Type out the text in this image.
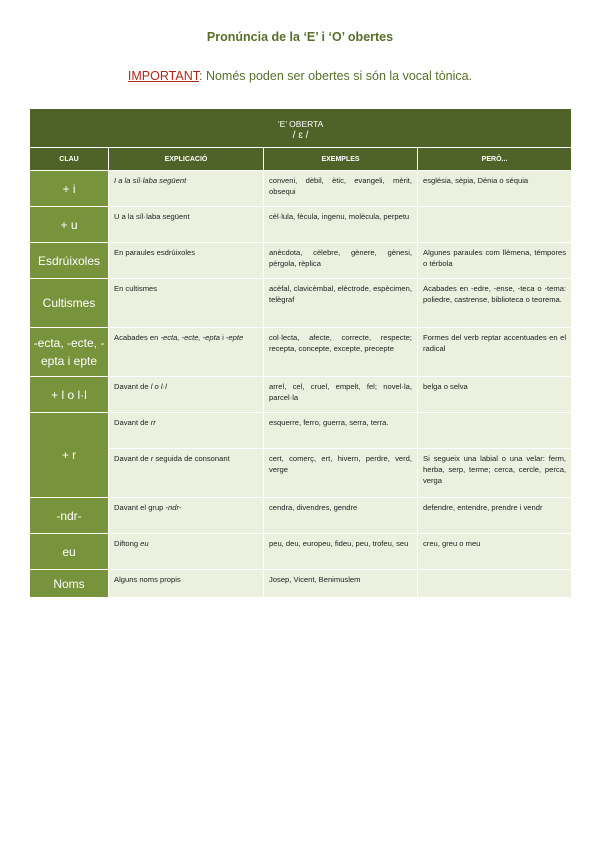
Pronúncia de la ‘E’ i ‘O’ obertes
IMPORTANT: Només poden ser obertes si són la vocal tònica.
‘E’ OBERTA
/ ɛ /			

CLAU	EXPLICACIÓ	EXEMPLES	PERÒ...
+ i	I a la síl·laba següent	conveni, dèbil, ètic, evangeli, mèrit, obsequi	església, sèpia, Dénia o séquia
+ u	U a la síl·laba següent	cèl·lula, fècula, ingenu, molècula, perpetu	
Esdrúixoles	En paraules esdrúixoles	anècdota, cèlebre, gènere, gènesi, pèrgola, rèplica	Algunes paraules com llémena, témpores o térbola
Cultismes	En cultismes	acèfal, clavicèmbal, elèctrode, espècimen, telègraf	Acabades en -edre, -ense, -teca o -tema: poliedre, castrense, biblioteca o teorema.
-ecta, -ecte, -epta i epte	Acabades en -ecta, -ecte, -epta i -epte	col·lecta, afecte, correcte, respecte; recepta, concepte, excepte, precepte	Formes del verb reptar accentuades en el radical
+ l o l·l	Davant de l o l·l	arrel, cel, cruel, empelt, fel; novel·la, parcel·la	belga o selva
+ r	Davant de rr	esquerre, ferro, guerra, serra, terra.	
	Davant de r seguida de consonant	cert, comerç, ert, hivern, perdre, verd, verge	Si segueix una labial o una velar: ferm, herba, serp, terme; cerca, cercle, perca, verga
-ndr-	Davant el grup -ndr-	cendra, divendres, gendre	defendre, entendre, prendre i vendr
eu	Diftong eu	peu, deu, europeu, fideu, peu, trofeu, seu	creu, greu o meu
Noms	Alguns noms propis	Josep, Vicent, Benimuslem	
